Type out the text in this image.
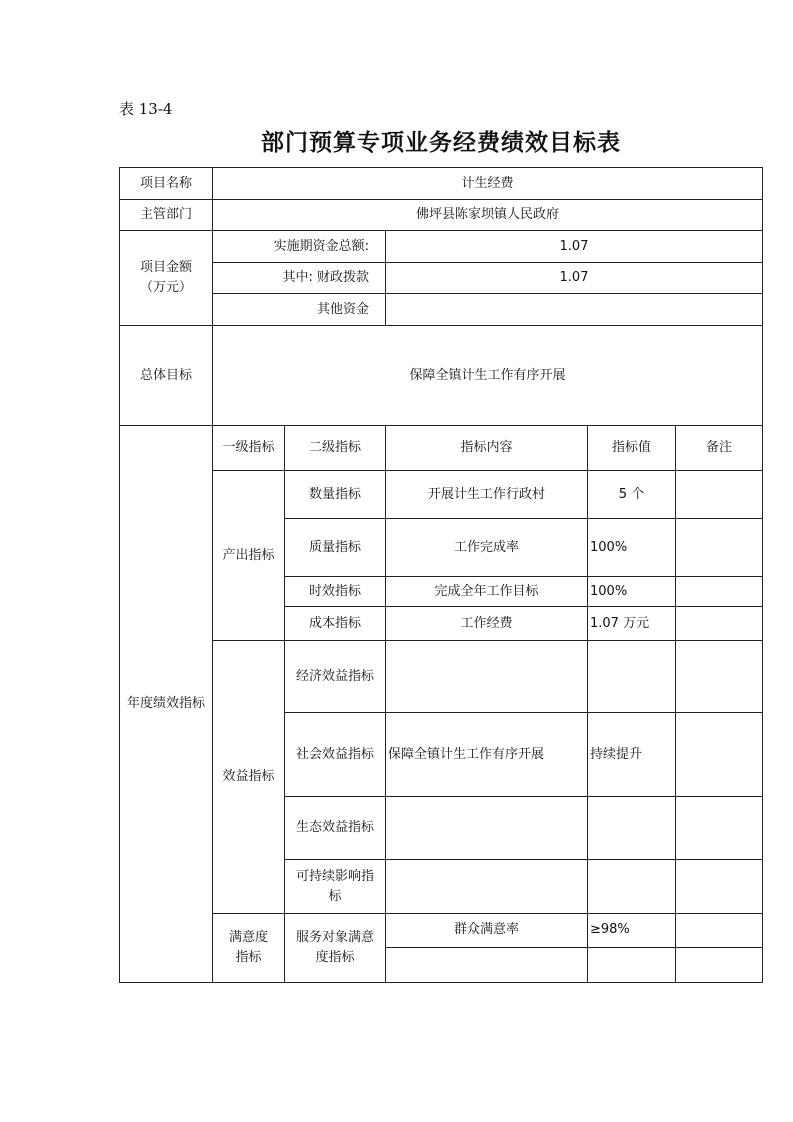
表 13-4
部门预算专项业务经费绩效目标表
项目名称	计生经费				
主管部门	佛坪县陈家坝镇人民政府				
项目金额（万元）	实施期资金总额:		1.07		
	其中: 财政拨款		1.07		
	其他资金				
总体目标	保障全镇计生工作有序开展				
年度绩效指标	一级指标	二级指标	指标内容	指标值	备注
	产出指标	数量指标	开展计生工作行政村	5 个	
		质量指标	工作完成率	100%	
		时效指标	完成全年工作目标	100%	
		成本指标	工作经费	1.07 万元	
	效益指标	经济效益指标			
		社会效益指标	保障全镇计生工作有序开展	持续提升	
		生态效益指标			
		可持续影响指标			
	满意度指标	服务对象满意度指标	群众满意率	≥98%	
